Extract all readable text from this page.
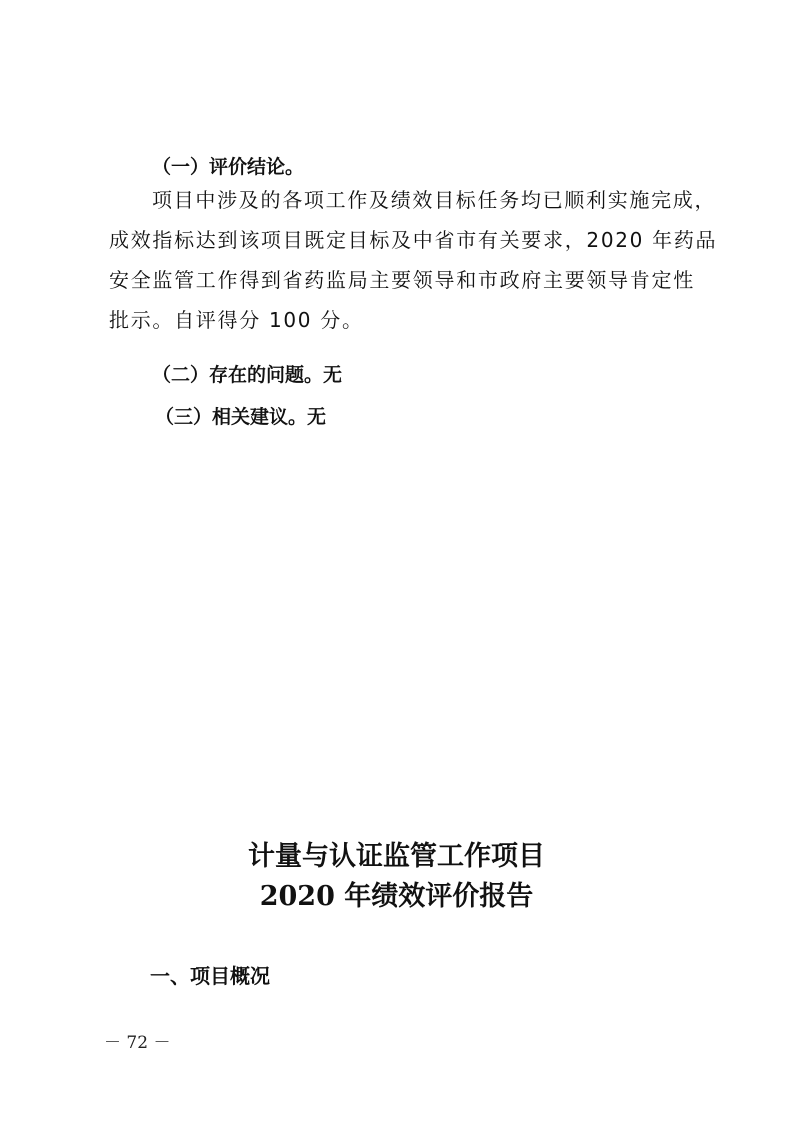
（一）评价结论。
项目中涉及的各项工作及绩效目标任务均已顺利实施完成，
成效指标达到该项目既定目标及中省市有关要求，2020 年药品
安全监管工作得到省药监局主要领导和市政府主要领导肯定性
批示。自评得分 100 分。
（二）存在的问题。无
（三）相关建议。无
计量与认证监管工作项目
2020 年绩效评价报告
一、项目概况
－ 72 －
